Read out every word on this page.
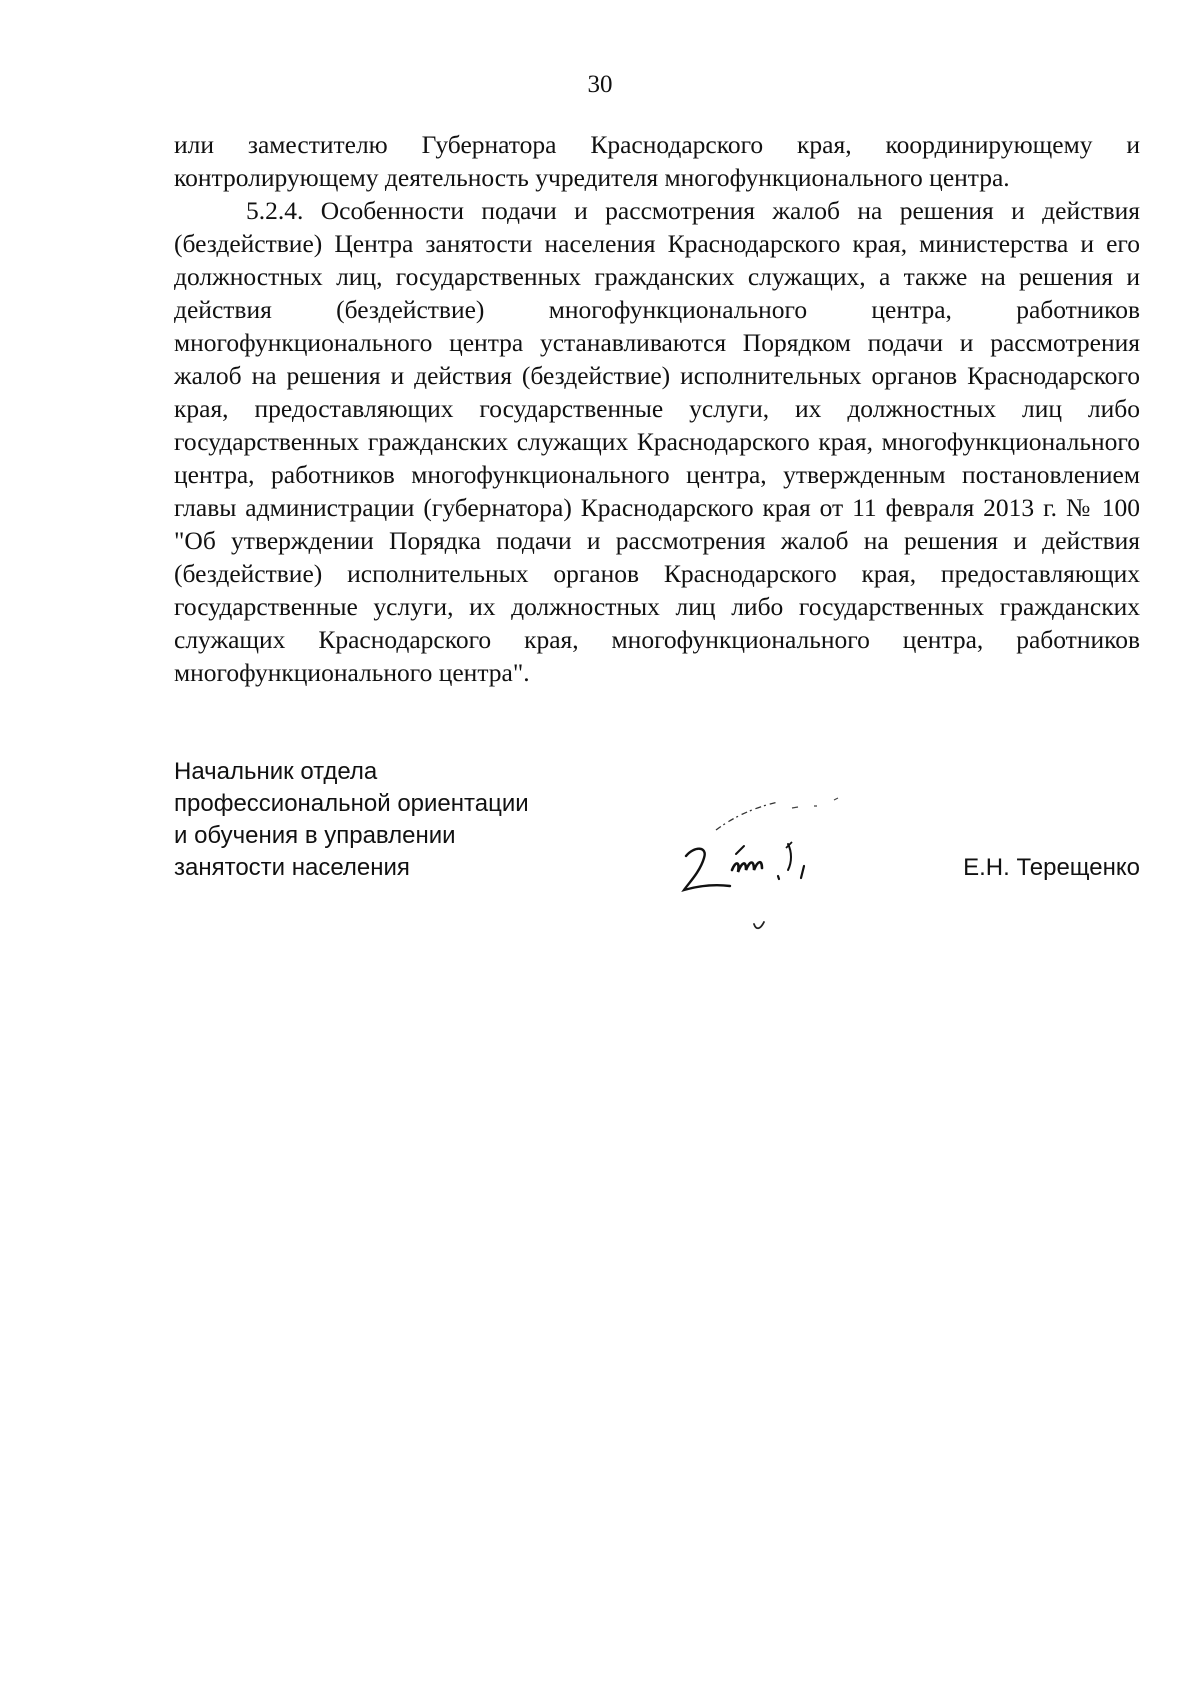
30

или заместителю Губернатора Краснодарского края, координирующему и контролирующему деятельность учредителя многофункционального центра.

5.2.4. Особенности подачи и рассмотрения жалоб на решения и действия (бездействие) Центра занятости населения Краснодарского края, министерства и его должностных лиц, государственных гражданских служащих, а также на решения и действия (бездействие) многофункционального центра, работников многофункционального центра устанавливаются Порядком подачи и рассмотрения жалоб на решения и действия (бездействие) исполнительных органов Краснодарского края, предоставляющих государственные услуги, их должностных лиц либо государственных гражданских служащих Краснодарского края, многофункционального центра, работников многофункционального центра, утвержденным постановлением главы администрации (губернатора) Краснодарского края от 11 февраля 2013 г. № 100 "Об утверждении Порядка подачи и рассмотрения жалоб на решения и действия (бездействие) исполнительных органов Краснодарского края, предоставляющих государственные услуги, их должностных лиц либо государственных гражданских служащих Краснодарского края, многофункционального центра, работников многофункционального центра".

Начальник отдела
профессиональной ориентации
и обучения в управлении
занятости населения	Е.Н. Терещенко
